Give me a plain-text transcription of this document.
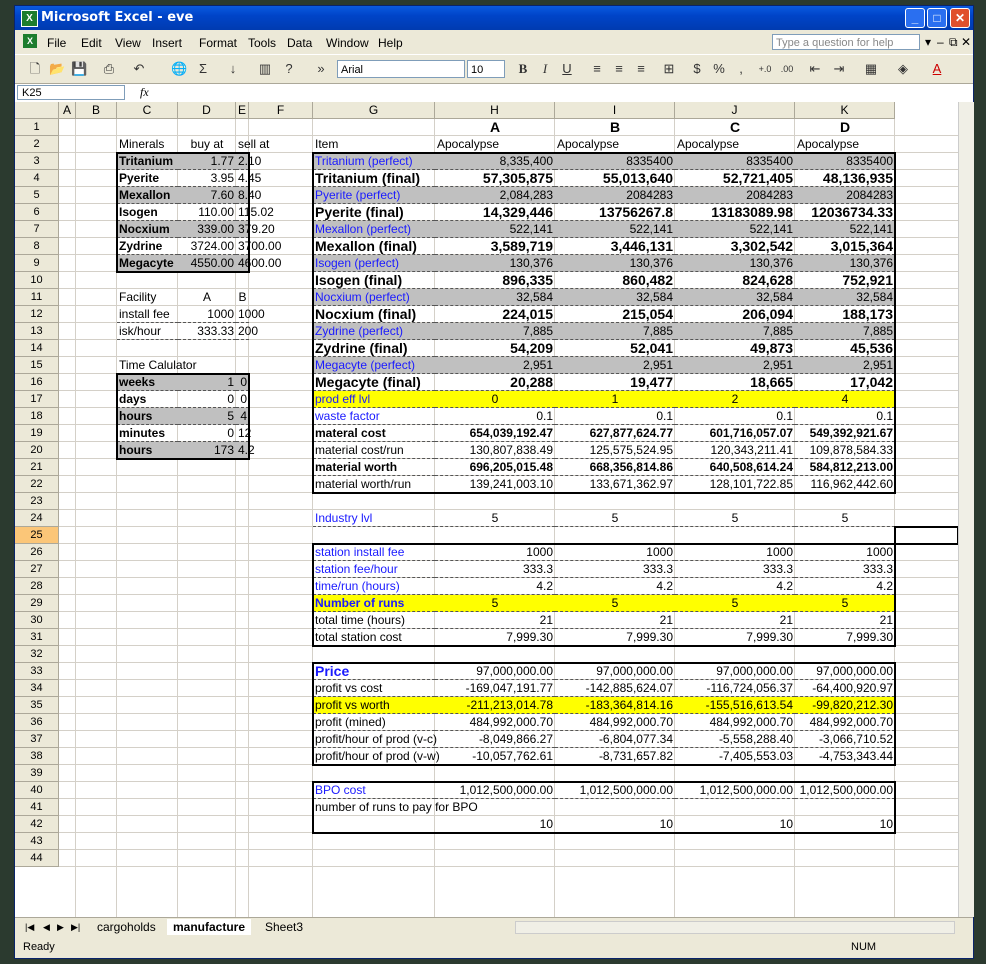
X Microsoft Excel - eve	_	□	✕
X	File Edit View Insert Format Tools Data Window Help	Type a question for help	▾ – ⧉ ✕
🗋 📂 💾 ⎙ ↶ 🌐 Σ	↓	▥	?	»	Arial	10	B	I	U	≡	≡	≡	⊞	$ %	,	+.0 .00 ⇤ ⇥ ▦ ◈ A
K25	fx
A	B	C	D	E	F	G	H	I	J	K
1
2
3
4
5
6
7
8
9
10
11
12
13
14
15
16
17
18
19
20
21
22
23
24
25
26
27
28
29
30
31
32
33
34
35
36
37
38
39
40
41
42
43
44
Minerals	buy at	sell at
Tritanium	1.77 2.10
Pyerite	3.95 4.45
Mexallon	7.60 8.40
Isogen	110.00 115.02
Nocxium	339.00 379.20
Zydrine	3724.00 3700.00
Megacyte	4550.00 4600.00
Facility	A	B
install fee	1000 1000
isk/hour	333.33 200
Time Calulator
weeks	1 0
days	0 0
hours	5 4
minutes	0 12
hours	173 4.2
A	B	C	D
Item	Apocalypse	Apocalypse	Apocalypse	Apocalypse
Tritanium (perfect)	8,335,400	8335400	8335400	8335400
Tritanium (final)	57,305,875	55,013,640	52,721,405	48,136,935
Pyerite (perfect)	2,084,283	2084283	2084283	2084283
Pyerite (final)	14,329,446	13756267.8	13183089.98	12036734.33
Mexallon (perfect)	522,141	522,141	522,141	522,141
Mexallon (final)	3,589,719	3,446,131	3,302,542	3,015,364
Isogen (perfect)	130,376	130,376	130,376	130,376
Isogen (final)	896,335	860,482	824,628	752,921
Nocxium (perfect)	32,584	32,584	32,584	32,584
Nocxium (final)	224,015	215,054	206,094	188,173
Zydrine (perfect)	7,885	7,885	7,885	7,885
Zydrine (final)	54,209	52,041	49,873	45,536
Megacyte (perfect)	2,951	2,951	2,951	2,951
Megacyte (final)	20,288	19,477	18,665	17,042
prod eff lvl	0	1	2	4
waste factor	0.1	0.1	0.1	0.1
materal cost	654,039,192.47	627,877,624.77	601,716,057.07	549,392,921.67
material cost/run	130,807,838.49	125,575,524.95	120,343,211.41	109,878,584.33
material worth	696,205,015.48	668,356,814.86	640,508,614.24	584,812,213.00
material worth/run	139,241,003.10	133,671,362.97	128,101,722.85	116,962,442.60
Industry lvl	5	5	5	5
station install fee	1000	1000	1000	1000
station fee/hour	333.3	333.3	333.3	333.3
time/run (hours)	4.2	4.2	4.2	4.2
Number of runs	5	5	5	5
total time (hours)	21	21	21	21
total station cost	7,999.30	7,999.30	7,999.30	7,999.30
Price	97,000,000.00	97,000,000.00	97,000,000.00	97,000,000.00
profit vs cost	-169,047,191.77	-142,885,624.07	-116,724,056.37	-64,400,920.97
profit vs worth	-211,213,014.78	-183,364,814.16	-155,516,613.54	-99,820,212.30
profit (mined)	484,992,000.70	484,992,000.70	484,992,000.70	484,992,000.70
profit/hour of prod (v-c)	-8,049,866.27	-6,804,077.34	-5,558,288.40	-3,066,710.52
profit/hour of prod (v-w)	-10,057,762.61	-8,731,657.82	-7,405,553.03	-4,753,343.44
BPO cost	1,012,500,000.00	1,012,500,000.00	1,012,500,000.00 1,012,500,000.00
number of runs to pay for BPO
10	10	10	10
|◀ ◀ ▶ ▶|	cargoholds	manufacture	Sheet3
Ready	NUM
